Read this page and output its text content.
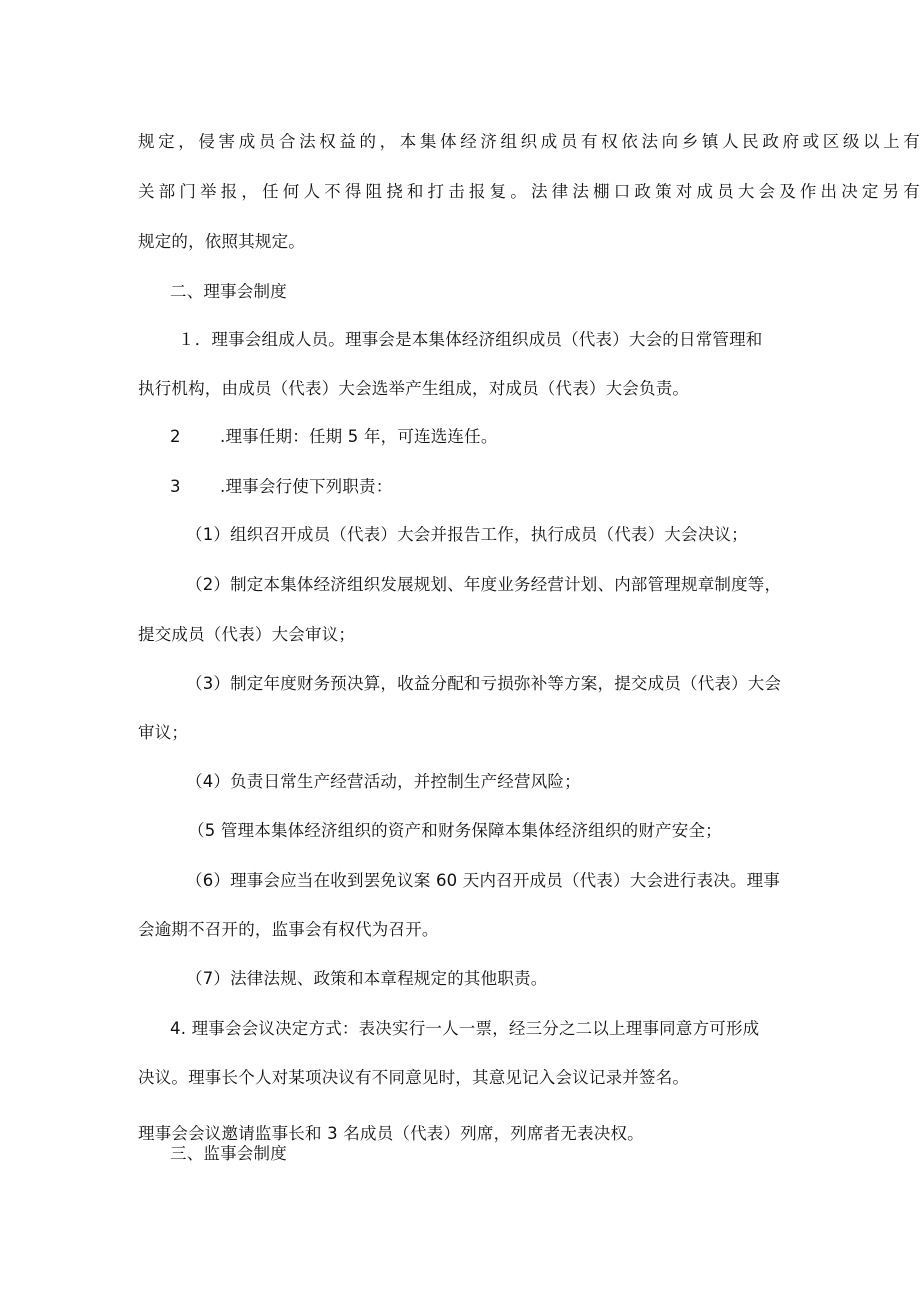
规定，侵害成员合法权益的，本集体经济组织成员有权依法向乡镇人民政府或区级以上有
关部门举报，任何人不得阻挠和打击报复。法律法棚口政策对成员大会及作出决定另有
规定的，依照其规定。
二、理事会制度
１．理事会组成人员。理事会是本集体经济组织成员（代表）大会的日常管理和
执行机构，由成员（代表）大会选举产生组成，对成员（代表）大会负责。
2 .理事任期：任期 5 年，可连选连任。
3 .理事会行使下列职责：
（1）组织召开成员（代表）大会并报告工作，执行成员（代表）大会决议；
（2）制定本集体经济组织发展规划、年度业务经营计划、内部管理规章制度等，
提交成员（代表）大会审议；
（3）制定年度财务预决算，收益分配和亏损弥补等方案，提交成员（代表）大会
审议；
（4）负责日常生产经营活动，并控制生产经营风险；
（5 管理本集体经济组织的资产和财务保障本集体经济组织的财产安全；
（6）理事会应当在收到罢免议案 60 天内召开成员（代表）大会进行表决。理事
会逾期不召开的，监事会有权代为召开。
（7）法律法规、政策和本章程规定的其他职责。
4. 理事会会议决定方式：表决实行一人一票，经三分之二以上理事同意方可形成
决议。理事长个人对某项决议有不同意见时，其意见记入会议记录并签名。
理事会会议邀请监事长和 3 名成员（代表）列席，列席者无表决权。
三、监事会制度
